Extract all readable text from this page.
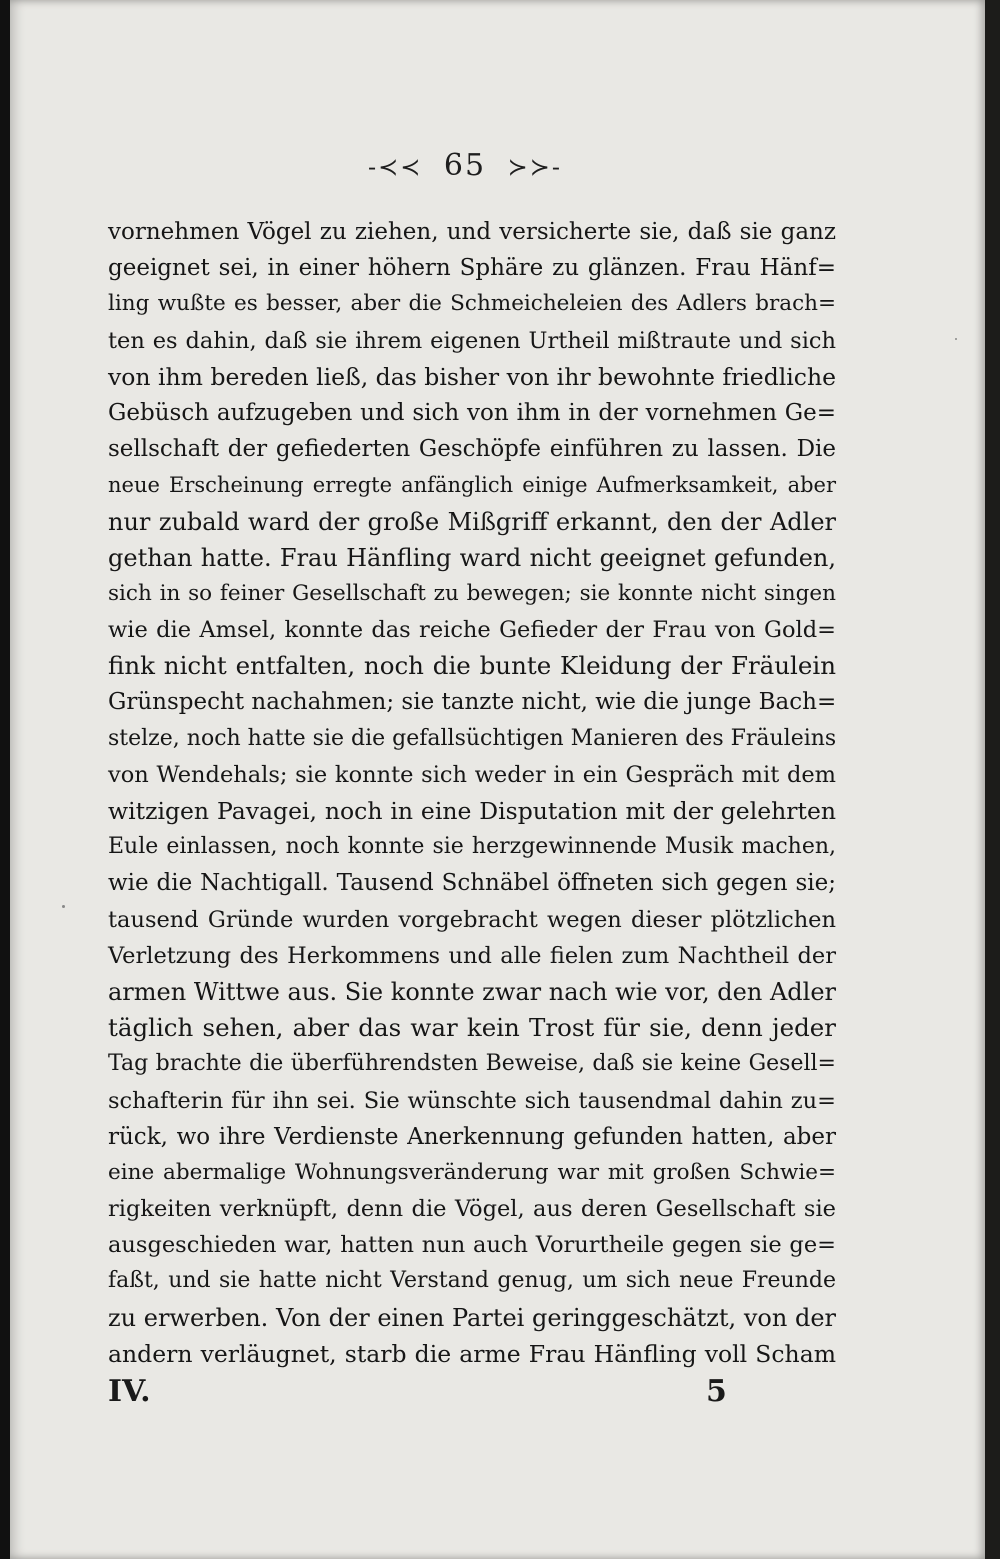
-≺≺ 65 ≻≻-
vornehmen Vögel zu ziehen, und versicherte sie, daß sie ganz
geeignet sei, in einer höhern Sphäre zu glänzen. Frau Hänf=
ling wußte es besser, aber die Schmeicheleien des Adlers brach=
ten es dahin, daß sie ihrem eigenen Urtheil mißtraute und sich
von ihm bereden ließ, das bisher von ihr bewohnte friedliche
Gebüsch aufzugeben und sich von ihm in der vornehmen Ge=
sellschaft der gefiederten Geschöpfe einführen zu lassen. Die
neue Erscheinung erregte anfänglich einige Aufmerksamkeit, aber
nur zubald ward der große Mißgriff erkannt, den der Adler
gethan hatte. Frau Hänfling ward nicht geeignet gefunden,
sich in so feiner Gesellschaft zu bewegen; sie konnte nicht singen
wie die Amsel, konnte das reiche Gefieder der Frau von Gold=
fink nicht entfalten, noch die bunte Kleidung der Fräulein
Grünspecht nachahmen; sie tanzte nicht, wie die junge Bach=
stelze, noch hatte sie die gefallsüchtigen Manieren des Fräuleins
von Wendehals; sie konnte sich weder in ein Gespräch mit dem
witzigen Pavagei, noch in eine Disputation mit der gelehrten
Eule einlassen, noch konnte sie herzgewinnende Musik machen,
wie die Nachtigall. Tausend Schnäbel öffneten sich gegen sie;
tausend Gründe wurden vorgebracht wegen dieser plötzlichen
Verletzung des Herkommens und alle fielen zum Nachtheil der
armen Wittwe aus. Sie konnte zwar nach wie vor, den Adler
täglich sehen, aber das war kein Trost für sie, denn jeder
Tag brachte die überführendsten Beweise, daß sie keine Gesell=
schafterin für ihn sei. Sie wünschte sich tausendmal dahin zu=
rück, wo ihre Verdienste Anerkennung gefunden hatten, aber
eine abermalige Wohnungsveränderung war mit großen Schwie=
rigkeiten verknüpft, denn die Vögel, aus deren Gesellschaft sie
ausgeschieden war, hatten nun auch Vorurtheile gegen sie ge=
faßt, und sie hatte nicht Verstand genug, um sich neue Freunde
zu erwerben. Von der einen Partei geringgeschätzt, von der
andern verläugnet, starb die arme Frau Hänfling voll Scham
IV.	5
